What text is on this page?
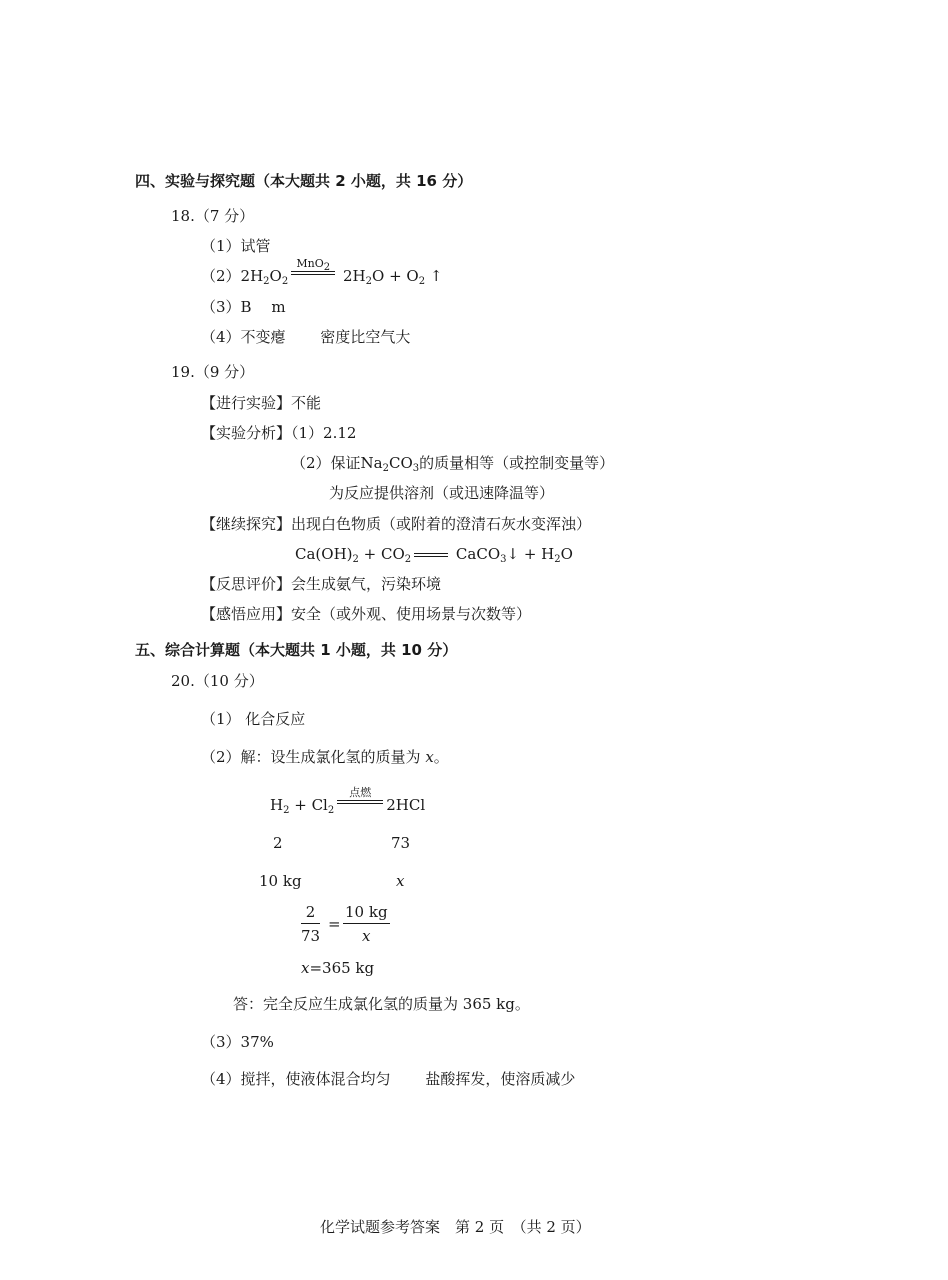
四、实验与探究题（本大题共 2 小题，共 16 分）
18.（7 分）
（1）试管
$(2)2H_2O_2$
MnO$_2$ $2H_2O + O_2$ ↑
（3）B　 m
（4）不变瘪　　 密度比空气大
19.（9 分）
【进行实验】不能
【实验分析】（1）2.12
（2）保证$Na_2CO_3$的质量相等（或控制变量等）
为反应提供溶剂（或迅速降温等）
【继续探究】出现白色物质（或附着的澄清石灰水变浑浊）
$Ca(OH)_2 + CO_2$	CaCO$_3$↓ + $H_2O$
【反思评价】会生成氨气，污染环境
【感悟应用】安全（或外观、使用场景与次数等）
五、综合计算题（本大题共 1 小题，共 10 分）
20.（10 分）
（1） 化合反应
（2）解：设生成氯化氢的质量为 x。
$H_2 + Cl_2$
点燃
2HCl
2	73
10 kg	x
$\frac{2}{73} = \frac{10 kg}{x}$
x=365 kg
答：完全反应生成氯化氢的质量为 365 kg。
（3）37%
（4）搅拌，使液体混合均匀　　 盐酸挥发，使溶质减少
化学试题参考答案　第 2 页　（共 2 页）
